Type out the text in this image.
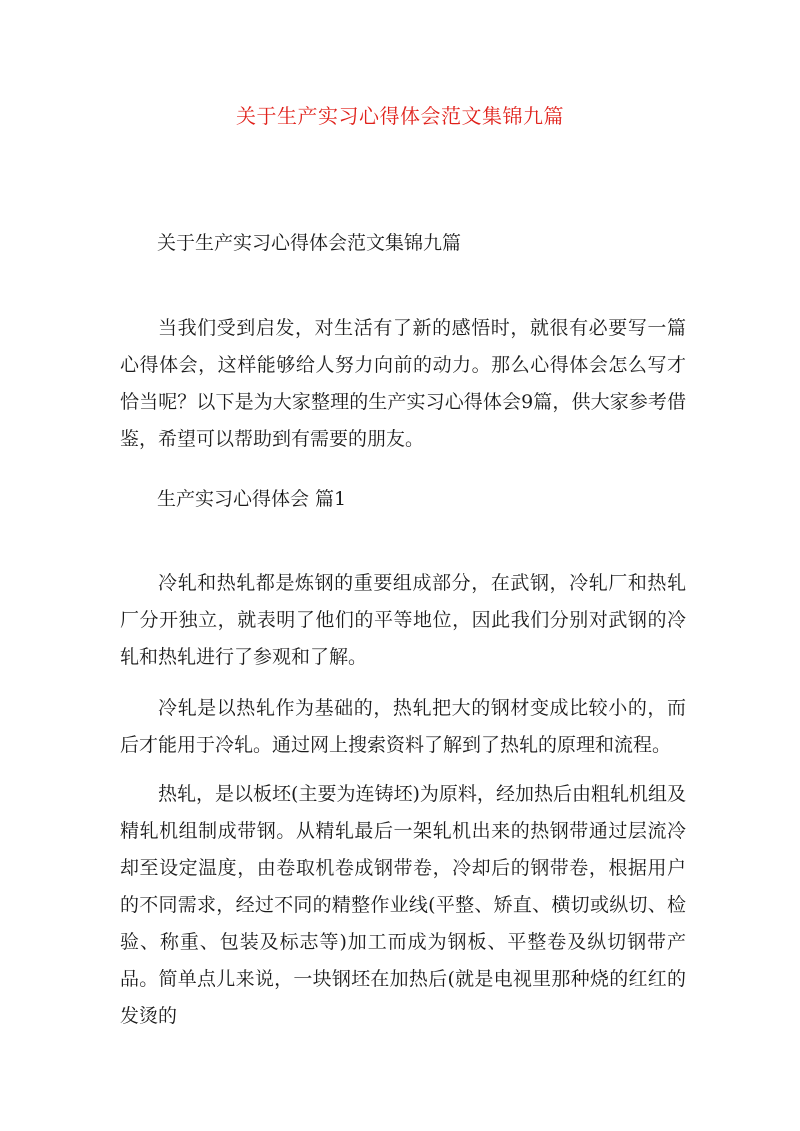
关于生产实习心得体会范文集锦九篇

关于生产实习心得体会范文集锦九篇

当我们受到启发，对生活有了新的感悟时，就很有必要写一篇心得体会，这样能够给人努力向前的动力。那么心得体会怎么写才恰当呢？以下是为大家整理的生产实习心得体会9篇，供大家参考借鉴，希望可以帮助到有需要的朋友。

生产实习心得体会 篇1

冷轧和热轧都是炼钢的重要组成部分，在武钢，冷轧厂和热轧厂分开独立，就表明了他们的平等地位，因此我们分别对武钢的冷轧和热轧进行了参观和了解。

冷轧是以热轧作为基础的，热轧把大的钢材变成比较小的，而后才能用于冷轧。通过网上搜索资料了解到了热轧的原理和流程。

热轧，是以板坯(主要为连铸坯)为原料，经加热后由粗轧机组及精轧机组制成带钢。从精轧最后一架轧机出来的热钢带通过层流冷却至设定温度，由卷取机卷成钢带卷，冷却后的钢带卷，根据用户的不同需求，经过不同的精整作业线(平整、矫直、横切或纵切、检验、称重、包装及标志等)加工而成为钢板、平整卷及纵切钢带产品。简单点儿来说，一块钢坯在加热后(就是电视里那种烧的红红的发烫的
